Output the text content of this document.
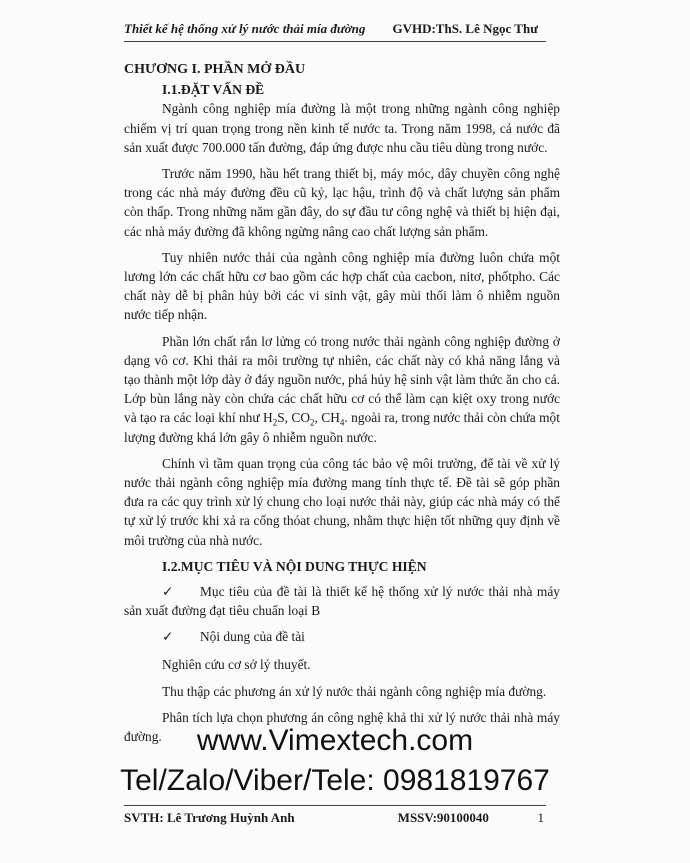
Thiết kế hệ thống xử lý nước thải mía đường GVHD:ThS. Lê Ngọc Thư
CHƯƠNG I. PHẦN MỞ ĐẦU
I.1.ĐẶT VẤN ĐỀ

Ngành công nghiệp mía đường là một trong những ngành công nghiệp chiếm vị trí quan trọng trong nền kinh tế nước ta. Trong năm 1998, cả nước đã sản xuất được 700.000 tấn đường, đáp ứng được nhu cầu tiêu dùng trong nước.

Trước năm 1990, hầu hết trang thiết bị, máy móc, dây chuyền công nghệ trong các nhà máy đường đều cũ kỷ, lạc hậu, trình độ và chất lượng sản phẩm còn thấp. Trong những năm gần đây, do sự đầu tư công nghệ và thiết bị hiện đại, các nhà máy đường đã không ngừng nâng cao chất lượng sản phẩm.

Tuy nhiên nước thải của ngành công nghiệp mía đường luôn chứa một lương lớn các chất hữu cơ bao gồm các hợp chất của cacbon, nitơ, phốtpho. Các chất này dễ bị phân hủy bởi các vi sinh vật, gây mùi thối làm ô nhiễm nguồn nước tiếp nhận.

Phần lớn chất rắn lơ lửng có trong nước thải ngành công nghiệp đường ở dạng vô cơ. Khi thải ra môi trường tự nhiên, các chất này có khả năng lắng và tạo thành một lớp dày ở đáy nguồn nước, phá hủy hệ sinh vật làm thức ăn cho cá. Lớp bùn lắng này còn chứa các chất hữu cơ có thể làm cạn kiệt oxy trong nước và tạo ra các loại khí như $H_2S$, $CO_2$, $CH_4$. ngoài ra, trong nước thải còn chứa một lượng đường khá lớn gây ô nhiễm nguồn nước.

Chính vì tầm quan trọng của công tác bảo vệ môi trường, để tài về xử lý nước thải ngành công nghiệp mía đường mang tính thực tế. Đề tài sẽ góp phần đưa ra các quy trình xử lý chung cho loại nước thải này, giúp các nhà máy có thể tự xử lý trước khi xả ra cống thóat chung, nhằm thực hiện tốt những quy định về môi trường của nhà nước.

I.2.MỤC TIÊU VÀ NỘI DUNG THỰC HIỆN
✓ Mục tiêu của đề tài là thiết kế hệ thống xử lý nước thải nhà máy sản xuất đường đạt tiêu chuẩn loại B
✓ Nội dung của đề tài
Nghiên cứu cơ sở lý thuyết.

Thu thập các phương án xử lý nước thải ngành công nghiệp mía đường.

Phân tích lựa chọn phương án công nghệ khả thi xử lý nước thải nhà máy đường.	www.Vimextech.com
Tel/Zalo/Viber/Tele: 0981819767
SVTH: Lê Trương Huỳnh Anh	MSSV:90100040	1
